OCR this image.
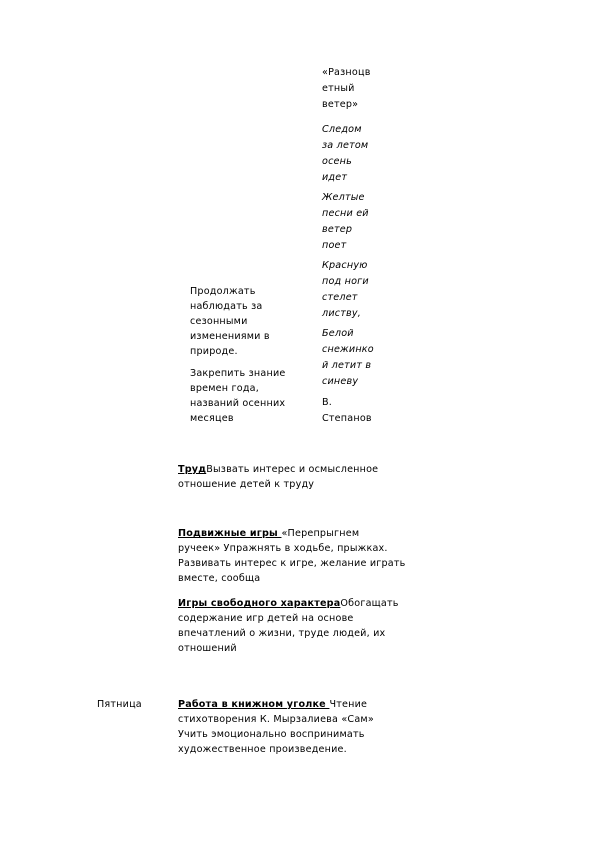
«Разноцв
етный
ветер»
Следом
за летом
осень
идет
Желтые
песни ей
ветер
поет
Красную
под ноги
стелет
листву,
Белой
снежинко
й летит в
синеву
В.
Степанов
Продолжать
наблюдать за
сезонными
изменениями в
природе.
Закрепить знание
времен года,
названий осенних
месяцев
ТрудВызвать интерес и осмысленное
отношение детей к труду
Подвижные игры «Перепрыгнем
ручеек» Упражнять в ходьбе, прыжках.
Развивать интерес к игре, желание играть
вместе, сообща
Игры свободного характераОбогащать
содержание игр детей на основе
впечатлений о жизни, труде людей, их
отношений
Работа в книжном уголке Чтение
стихотворения К. Мырзалиева «Сам»
Учить эмоционально воспринимать
художественное произведение.
Пятница
